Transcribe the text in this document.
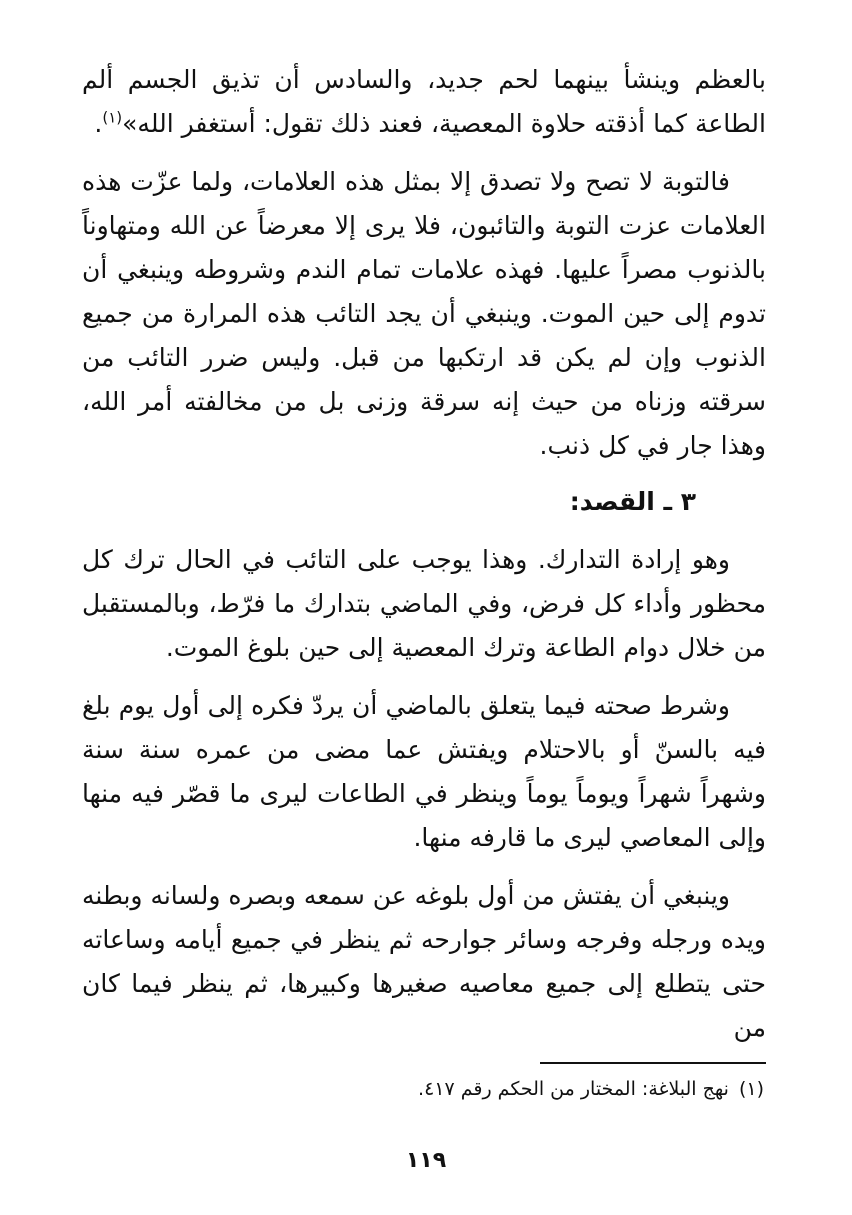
بالعظم وينشأ بينهما لحم جديد، والسادس أن تذيق الجسم ألم الطاعة كما أذقته حلاوة المعصية، فعند ذلك تقول: أستغفر الله»$^{(١)}$.

فالتوبة لا تصح ولا تصدق إلا بمثل هذه العلامات، ولما عزّت هذه العلامات عزت التوبة والتائبون، فلا يرى إلا معرضاً عن الله ومتهاوناً بالذنوب مصراً عليها. فهذه علامات تمام الندم وشروطه وينبغي أن تدوم إلى حين الموت. وينبغي أن يجد التائب هذه المرارة من جميع الذنوب وإن لم يكن قد ارتكبها من قبل. وليس ضرر التائب من سرقته وزناه من حيث إنه سرقة وزنى بل من مخالفته أمر الله، وهذا جار في كل ذنب.

٣ ـ القصد:

وهو إرادة التدارك. وهذا يوجب على التائب في الحال ترك كل محظور وأداء كل فرض، وفي الماضي بتدارك ما فرّط، وبالمستقبل من خلال دوام الطاعة وترك المعصية إلى حين بلوغ الموت.

وشرط صحته فيما يتعلق بالماضي أن يردّ فكره إلى أول يوم بلغ فيه بالسنّ أو بالاحتلام ويفتش عما مضى من عمره سنة سنة وشهراً شهراً ويوماً يوماً وينظر في الطاعات ليرى ما قصّر فيه منها وإلى المعاصي ليرى ما قارفه منها.

وينبغي أن يفتش من أول بلوغه عن سمعه وبصره ولسانه وبطنه ويده ورجله وفرجه وسائر جوارحه ثم ينظر في جميع أيامه وساعاته حتى يتطلع إلى جميع معاصيه صغيرها وكبيرها، ثم ينظر فيما كان من

(١)
نهج البلاغة: المختار من الحكم رقم ٤١٧.
١١٩
